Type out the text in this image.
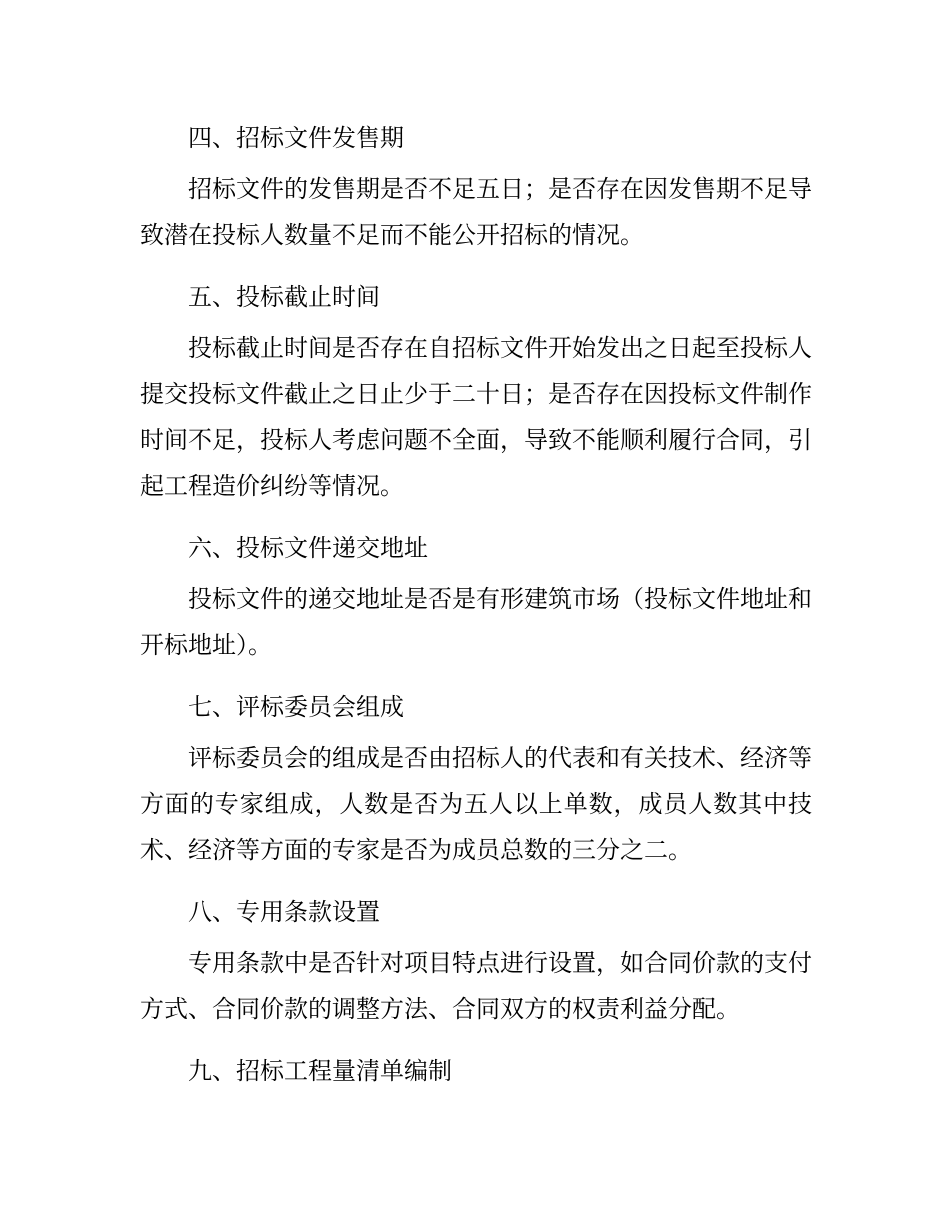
四、招标文件发售期

招标文件的发售期是否不足五日；是否存在因发售期不足导致潜在投标人数量不足而不能公开招标的情况。

五、投标截止时间

投标截止时间是否存在自招标文件开始发出之日起至投标人提交投标文件截止之日止少于二十日；是否存在因投标文件制作时间不足，投标人考虑问题不全面，导致不能顺利履行合同，引起工程造价纠纷等情况。

六、投标文件递交地址

投标文件的递交地址是否是有形建筑市场（投标文件地址和开标地址）。

七、评标委员会组成

评标委员会的组成是否由招标人的代表和有关技术、经济等方面的专家组成，人数是否为五人以上单数，成员人数其中技术、经济等方面的专家是否为成员总数的三分之二。

八、专用条款设置

专用条款中是否针对项目特点进行设置，如合同价款的支付方式、合同价款的调整方法、合同双方的权责利益分配。

九、招标工程量清单编制
